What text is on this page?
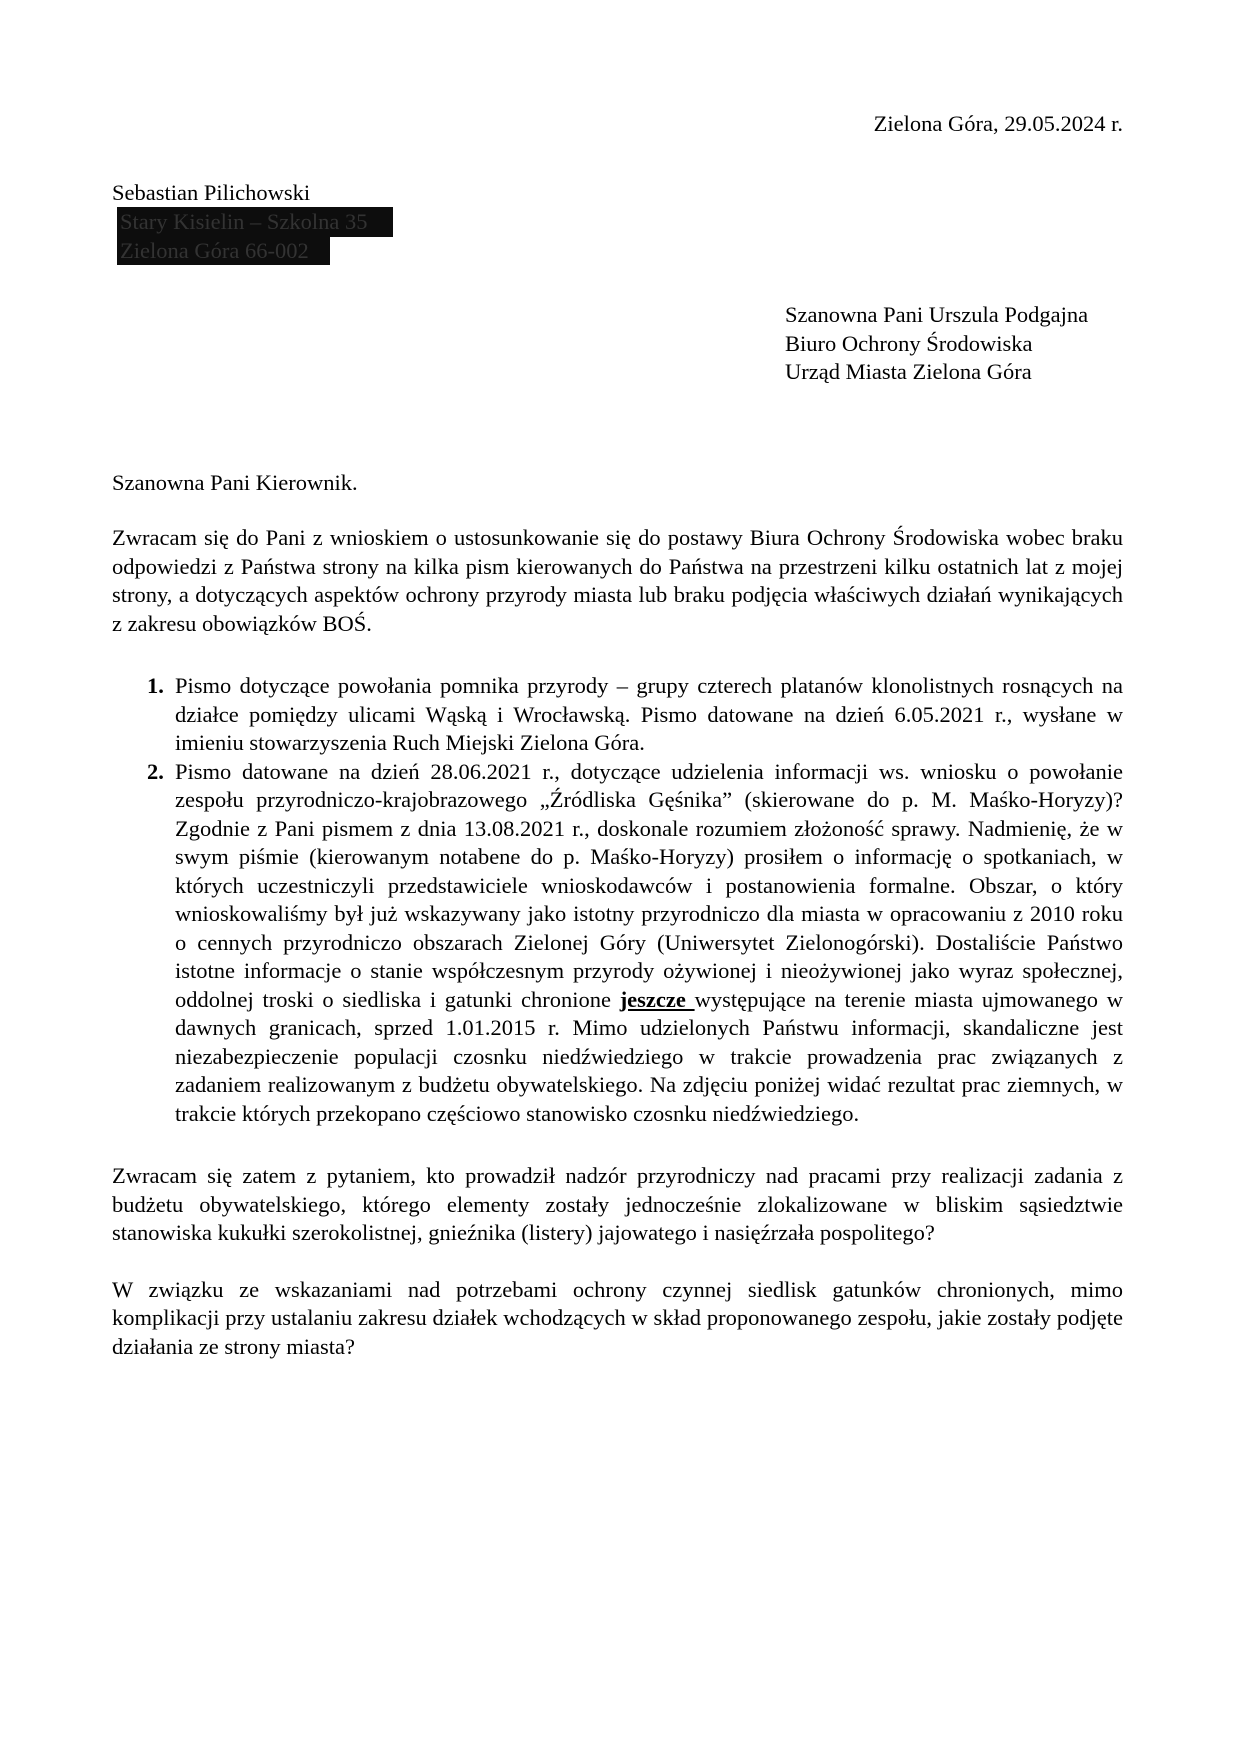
Zielona Góra, 29.05.2024 r.
Sebastian Pilichowski
Stary Kisielin – Szkolna 35
Zielona Góra 66-002
Szanowna Pani Urszula Podgajna
Biuro Ochrony Środowiska
Urząd Miasta Zielona Góra
Szanowna Pani Kierownik.

Zwracam się do Pani z wnioskiem o ustosunkowanie się do postawy Biura Ochrony Środowiska wobec braku odpowiedzi z Państwa strony na kilka pism kierowanych do Państwa na przestrzeni kilku ostatnich lat z mojej strony, a dotyczących aspektów ochrony przyrody miasta lub braku podjęcia właściwych działań wynikających z zakresu obowiązków BOŚ.

1. Pismo dotyczące powołania pomnika przyrody – grupy czterech platanów klonolistnych rosnących na działce pomiędzy ulicami Wąską i Wrocławską. Pismo datowane na dzień 6.05.2021 r., wysłane w imieniu stowarzyszenia Ruch Miejski Zielona Góra.
2. Pismo datowane na dzień 28.06.2021 r., dotyczące udzielenia informacji ws. wniosku o powołanie zespołu przyrodniczo-krajobrazowego „Źródliska Gęśnika” (skierowane do p. M. Maśko-Horyzy)? Zgodnie z Pani pismem z dnia 13.08.2021 r., doskonale rozumiem złożoność sprawy. Nadmienię, że w swym piśmie (kierowanym notabene do p. Maśko-Horyzy) prosiłem o informację o spotkaniach, w których uczestniczyli przedstawiciele wnioskodawców i postanowienia formalne. Obszar, o który wnioskowaliśmy był już wskazywany jako istotny przyrodniczo dla miasta w opracowaniu z 2010 roku o cennych przyrodniczo obszarach Zielonej Góry (Uniwersytet Zielonogórski). Dostaliście Państwo istotne informacje o stanie współczesnym przyrody ożywionej i nieożywionej jako wyraz społecznej, oddolnej troski o siedliska i gatunki chronione jeszcze występujące na terenie miasta ujmowanego w dawnych granicach, sprzed 1.01.2015 r. Mimo udzielonych Państwu informacji, skandaliczne jest niezabezpieczenie populacji czosnku niedźwiedziego w trakcie prowadzenia prac związanych z zadaniem realizowanym z budżetu obywatelskiego. Na zdjęciu poniżej widać rezultat prac ziemnych, w trakcie których przekopano częściowo stanowisko czosnku niedźwiedziego.

Zwracam się zatem z pytaniem, kto prowadził nadzór przyrodniczy nad pracami przy realizacji zadania z budżetu obywatelskiego, którego elementy zostały jednocześnie zlokalizowane w bliskim sąsiedztwie stanowiska kukułki szerokolistnej, gnieźnika (listery) jajowatego i nasięźrzała pospolitego?

W związku ze wskazaniami nad potrzebami ochrony czynnej siedlisk gatunków chronionych, mimo komplikacji przy ustalaniu zakresu działek wchodzących w skład proponowanego zespołu, jakie zostały podjęte działania ze strony miasta?
